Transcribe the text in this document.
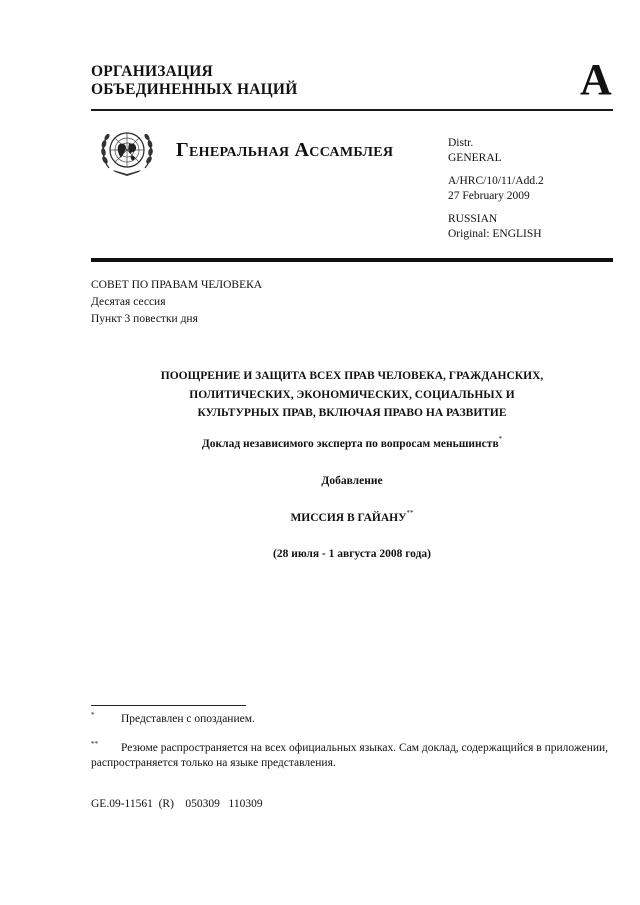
ОРГАНИЗАЦИЯ
ОБЪЕДИНЕННЫХ НАЦИЙ	A
Генеральная Ассамблея	Distr.
GENERAL
A/HRC/10/11/Add.2
27 February 2009
RUSSIAN
Original: ENGLISH
СОВЕТ ПО ПРАВАМ ЧЕЛОВЕКА
Десятая сессия
Пункт 3 повестки дня
ПООЩРЕНИЕ И ЗАЩИТА ВСЕХ ПРАВ ЧЕЛОВЕКА, ГРАЖДАНСКИХ,
ПОЛИТИЧЕСКИХ, ЭКОНОМИЧЕСКИХ, СОЦИАЛЬНЫХ И
КУЛЬТУРНЫХ ПРАВ, ВКЛЮЧАЯ ПРАВО НА РАЗВИТИЕ
Доклад независимого эксперта по вопросам меньшинств*
Добавление
МИССИЯ В ГАЙАНУ**
(28 июля - 1 августа 2008 года)
*	Представлен с опозданием.
**	Резюме распространяется на всех официальных языках. Сам доклад, содержащийся в приложении, распространяется только на языке представления.
GE.09-11561  (R)    050309   110309
